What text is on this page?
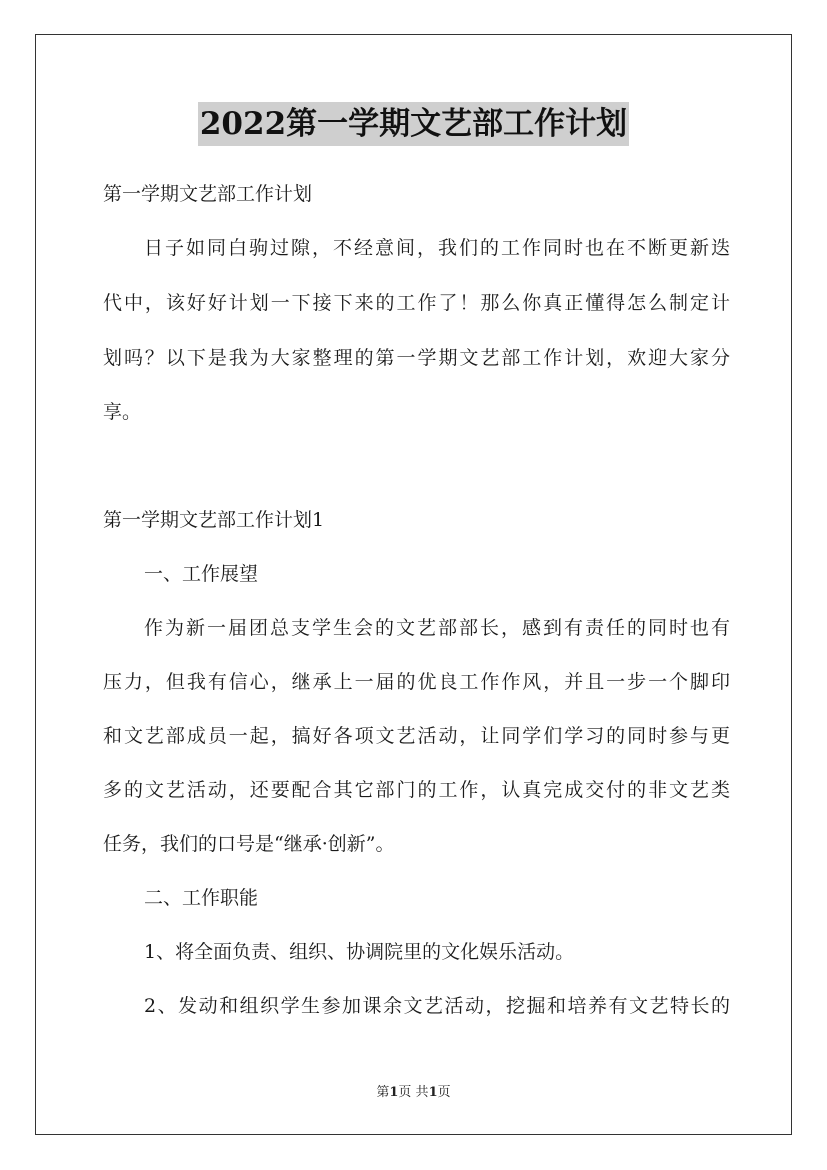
2022第一学期文艺部工作计划
第一学期文艺部工作计划
日子如同白驹过隙，不经意间，我们的工作同时也在不断更新迭
代中，该好好计划一下接下来的工作了！那么你真正懂得怎么制定计
划吗？以下是我为大家整理的第一学期文艺部工作计划，欢迎大家分
享。
第一学期文艺部工作计划1
一、工作展望
作为新一届团总支学生会的文艺部部长，感到有责任的同时也有
压力，但我有信心，继承上一届的优良工作作风，并且一步一个脚印
和文艺部成员一起，搞好各项文艺活动，让同学们学习的同时参与更
多的文艺活动，还要配合其它部门的工作，认真完成交付的非文艺类
任务，我们的口号是“继承·创新”。
二、工作职能
1、将全面负责、组织、协调院里的文化娱乐活动。
2、发动和组织学生参加课余文艺活动，挖掘和培养有文艺特长的
第1页 共1页
